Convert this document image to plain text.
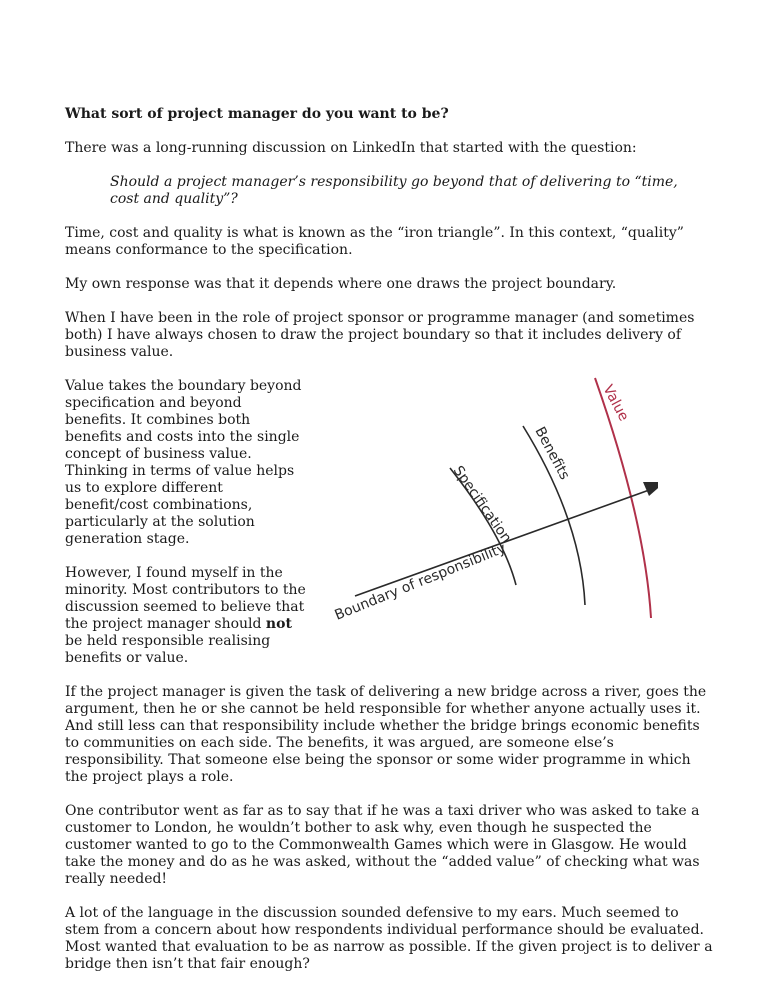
What sort of project manager do you want to be?

There was a long-running discussion on LinkedIn that started with the question:

Should a project manager’s responsibility go beyond that of delivering to “time, cost and quality”?

Time, cost and quality is what is known as the “iron triangle”. In this context, “quality” means conformance to the specification.

My own response was that it depends where one draws the project boundary.

When I have been in the role of project sponsor or programme manager (and sometimes both) I have always chosen to draw the project boundary so that it includes delivery of business value.

Value takes the boundary beyond specification and beyond benefits. It combines both benefits and costs into the single concept of business value. Thinking in terms of value helps us to explore different benefit/cost combinations, particularly at the solution generation stage.

However, I found myself in the minority. Most contributors to the discussion seemed to believe that the project manager should not be held responsible realising benefits or value.

Value
Benefits
Specification
Boundary of responsibility

If the project manager is given the task of delivering a new bridge across a river, goes the argument, then he or she cannot be held responsible for whether anyone actually uses it. And still less can that responsibility include whether the bridge brings economic benefits to communities on each side. The benefits, it was argued, are someone else’s responsibility. That someone else being the sponsor or some wider programme in which the project plays a role.

One contributor went as far as to say that if he was a taxi driver who was asked to take a customer to London, he wouldn’t bother to ask why, even though he suspected the customer wanted to go to the Commonwealth Games which were in Glasgow. He would take the money and do as he was asked, without the “added value” of checking what was really needed!

A lot of the language in the discussion sounded defensive to my ears. Much seemed to stem from a concern about how respondents individual performance should be evaluated. Most wanted that evaluation to be as narrow as possible. If the given project is to deliver a bridge then isn’t that fair enough?
